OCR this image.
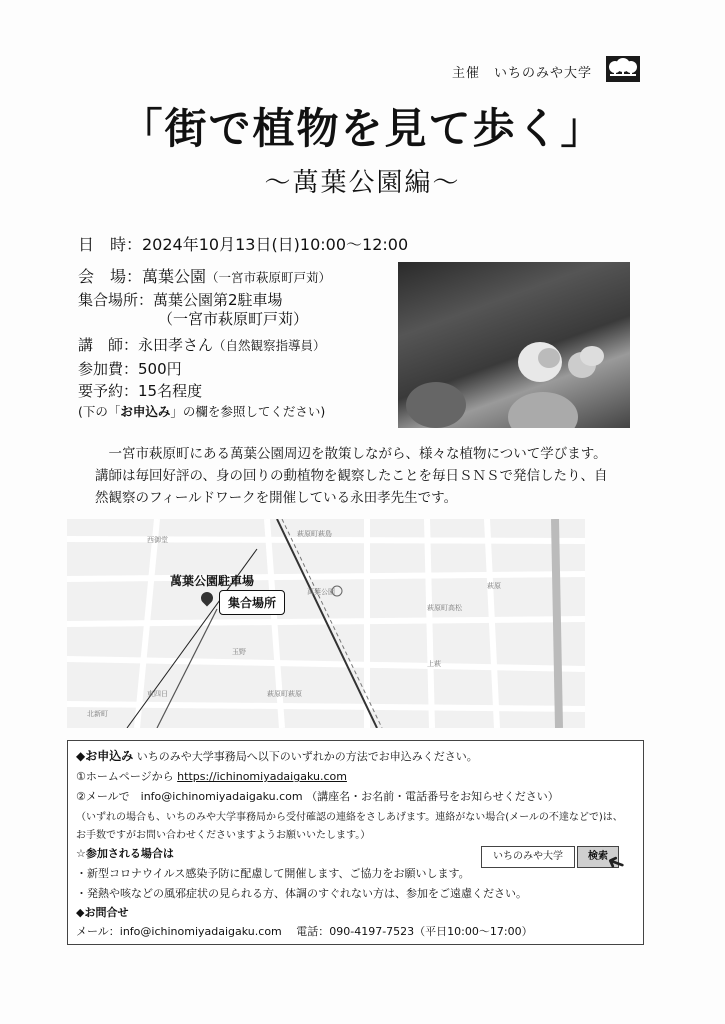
主催　いちのみや大学
「街で植物を見て歩く」
～萬葉公園編～
日　時：2024年10月13日(日)10:00～12:00
会　場：萬葉公園（一宮市萩原町戸苅）
集合場所：萬葉公園第2駐車場
（一宮市萩原町戸苅）
講　師：永田孝さん（自然観察指導員）
参加費：500円
要予約：15名程度
(下の「お申込み」の欄を参照してください)
　一宮市萩原町にある萬葉公園周辺を散策しながら、様々な植物について学びます。
講師は毎回好評の、身の回りの動植物を観察したことを毎日ＳＮＳで発信したり、自
然観察のフィールドワークを開催している永田孝先生です。
萩原町萩島
萩原町高松
萩原町萩原
萬葉公園
西御堂
上萩
玉野
萩原
東四日
北新町
萬葉公園駐車場
集合場所
◆お申込み いちのみや大学事務局へ以下のいずれかの方法でお申込みください。
①ホームページから https://ichinomiyadaigaku.com
②メールで　info@ichinomiyadaigaku.com （講座名・お名前・電話番号をお知らせください）
（いずれの場合も、いちのみや大学事務局から受付確認の連絡をさしあげます。連絡がない場合(メールの不達などで)は、
お手数ですがお問い合わせくださいますようお願いいたします。）
☆参加される場合は
・新型コロナウイルス感染予防に配慮して開催します、ご協力をお願いします。
・発熱や咳などの風邪症状の見られる方、体調のすぐれない方は、参加をご遠慮ください。
◆お問合せ
メール：info@ichinomiyadaigaku.com　 電話：090-4197-7523（平日10:00～17:00）
いちのみや大学	検索
➜
